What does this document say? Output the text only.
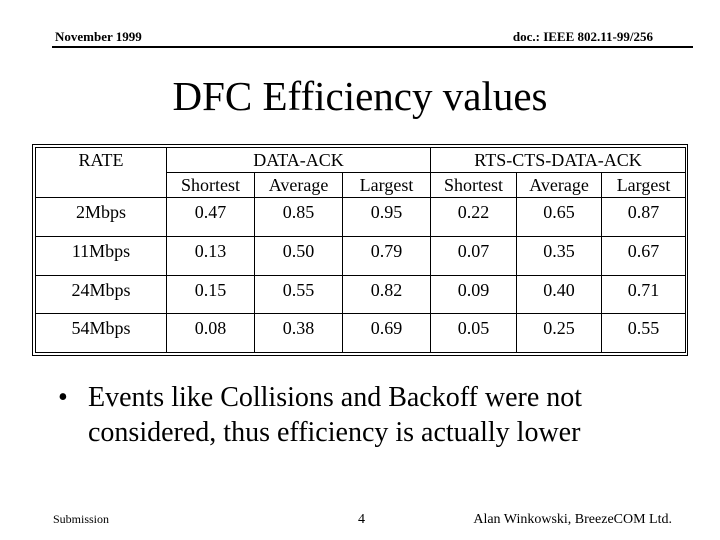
November 1999	doc.: IEEE 802.11-99/256
DFC Efficiency values
RATE	DATA-ACK			RTS-CTS-DATA-ACK		
	Shortest	Average	Largest	Shortest	Average	Largest
2Mbps	0.47	0.85	0.95	0.22	0.65	0.87
11Mbps	0.13	0.50	0.79	0.07	0.35	0.67
24Mbps	0.15	0.55	0.82	0.09	0.40	0.71
54Mbps	0.08	0.38	0.69	0.05	0.25	0.55
• Events like Collisions and Backoff were not considered, thus efficiency is actually lower
Submission	4	Alan Winkowski, BreezeCOM Ltd.
